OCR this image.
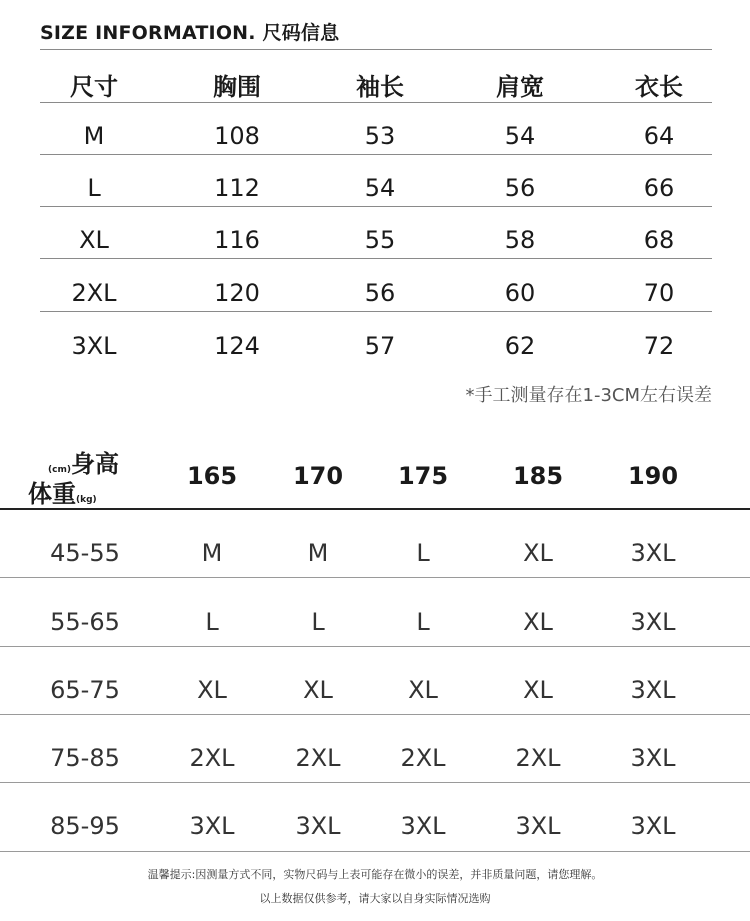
SIZE INFORMATION. 尺码信息
尺寸	胸围	袖长	肩宽	衣长
M	108	53	54	64
L	112	54	56	66
XL	116	55	58	68
2XL	120	56	60	70
3XL	124	57	62	72
*手工测量存在1-3CM左右误差
(cm)身高
体重(kg)
165 170 175	185	190
45-55	M	M	L	XL	3XL
55-65	L	L	L	XL	3XL
65-75	XL	XL	XL	XL	3XL
75-85	2XL	2XL 2XL	2XL	3XL
85-95	3XL	3XL 3XL	3XL	3XL
温馨提示:因测量方式不同，实物尺码与上表可能存在微小的误差，并非质量问题，请您理解。
以上数据仅供参考，请大家以自身实际情况选购
